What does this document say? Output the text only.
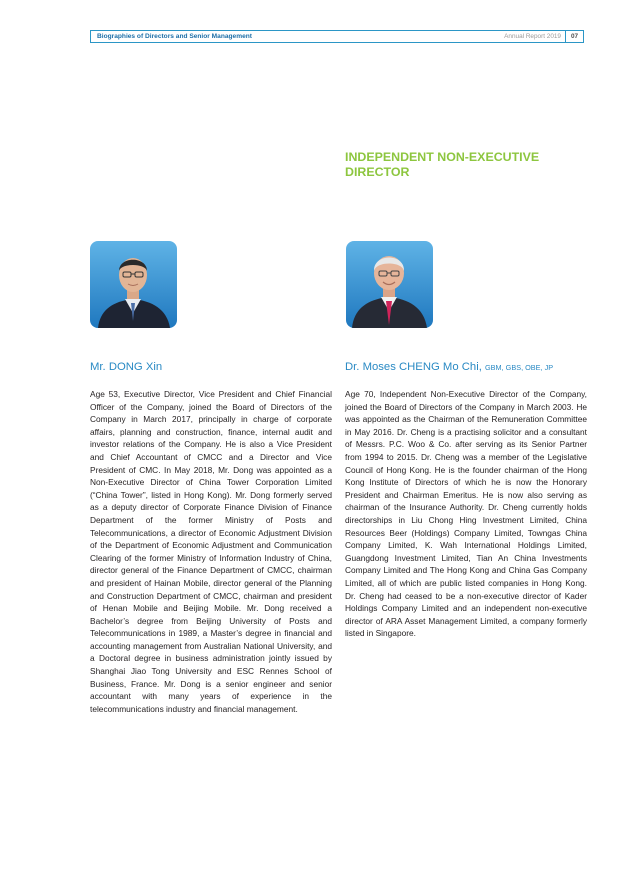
Biographies of Directors and Senior Management	Annual Report 2019	07
INDEPENDENT NON-EXECUTIVE DIRECTOR
Mr. DONG Xin	Dr. Moses CHENG Mo Chi, GBM, GBS, OBE, JP

Age 53, Executive Director, Vice President and Chief Financial Officer of the Company, joined the Board of Directors of the Company in March 2017, principally in charge of corporate affairs, planning and construction, finance, internal audit and investor relations of the Company. He is also a Vice President and Chief Accountant of CMCC and a Director and Vice President of CMC. In May 2018, Mr. Dong was appointed as a Non-Executive Director of China Tower Corporation Limited (“China Tower”, listed in Hong Kong). Mr. Dong formerly served as a deputy director of Corporate Finance Division of Finance Department of the former Ministry of Posts and Telecommunications, a director of Economic Adjustment Division of the Department of Economic Adjustment and Communication Clearing of the former Ministry of Information Industry of China, director general of the Finance Department of CMCC, chairman and president of Hainan Mobile, director general of the Planning and Construction Department of CMCC, chairman and president of Henan Mobile and Beijing Mobile. Mr. Dong received a Bachelor’s degree from Beijing University of Posts and Telecommunications in 1989, a Master’s degree in financial and accounting management from Australian National University, and a Doctoral degree in business administration jointly issued by Shanghai Jiao Tong University and ESC Rennes School of Business, France. Mr. Dong is a senior engineer and senior accountant with many years of experience in the telecommunications industry and financial management.

Age 70, Independent Non-Executive Director of the Company, joined the Board of Directors of the Company in March 2003. He was appointed as the Chairman of the Remuneration Committee in May 2016. Dr. Cheng is a practising solicitor and a consultant of Messrs. P.C. Woo & Co. after serving as its Senior Partner from 1994 to 2015. Dr. Cheng was a member of the Legislative Council of Hong Kong. He is the founder chairman of the Hong Kong Institute of Directors of which he is now the Honorary President and Chairman Emeritus. He is now also serving as chairman of the Insurance Authority. Dr. Cheng currently holds directorships in Liu Chong Hing Investment Limited, China Resources Beer (Holdings) Company Limited, Towngas China Company Limited, K. Wah International Holdings Limited, Guangdong Investment Limited, Tian An China Investments Company Limited and The Hong Kong and China Gas Company Limited, all of which are public listed companies in Hong Kong. Dr. Cheng had ceased to be a non-executive director of Kader Holdings Company Limited and an independent non-executive director of ARA Asset Management Limited, a company formerly listed in Singapore.
